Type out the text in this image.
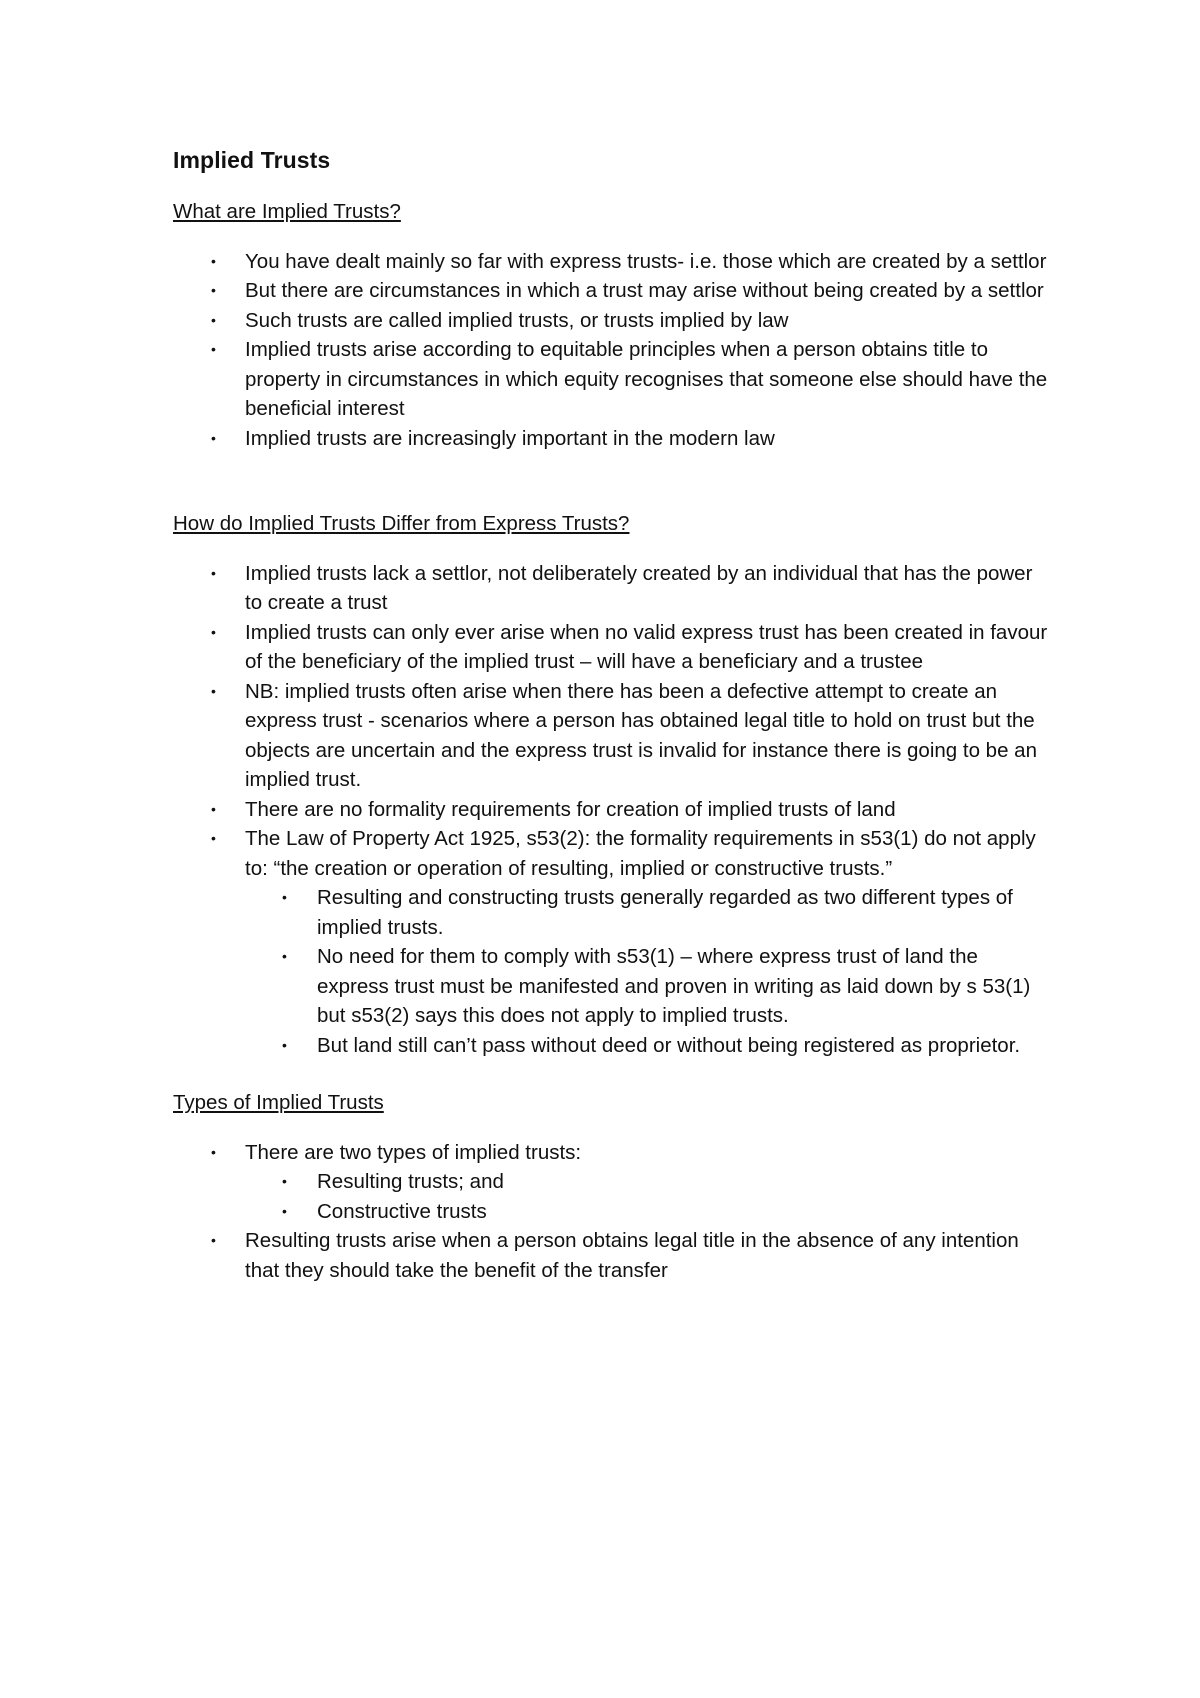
Implied Trusts
What are Implied Trusts?
• You have dealt mainly so far with express trusts- i.e. those which are created by a settlor
• But there are circumstances in which a trust may arise without being created by a settlor
• Such trusts are called implied trusts, or trusts implied by law
• Implied trusts arise according to equitable principles when a person obtains title to property in circumstances in which equity recognises that someone else should have the beneficial interest
• Implied trusts are increasingly important in the modern law
How do Implied Trusts Differ from Express Trusts?
• Implied trusts lack a settlor, not deliberately created by an individual that has the power to create a trust
• Implied trusts can only ever arise when no valid express trust has been created in favour of the beneficiary of the implied trust – will have a beneficiary and a trustee
• NB: implied trusts often arise when there has been a defective attempt to create an express trust - scenarios where a person has obtained legal title to hold on trust but the objects are uncertain and the express trust is invalid for instance there is going to be an implied trust.
• There are no formality requirements for creation of implied trusts of land
• The Law of Property Act 1925, s53(2): the formality requirements in s53(1) do not apply to: “the creation or operation of resulting, implied or constructive trusts.”
• Resulting and constructing trusts generally regarded as two different types of implied trusts.
• No need for them to comply with s53(1) – where express trust of land the express trust must be manifested and proven in writing as laid down by s 53(1) but s53(2) says this does not apply to implied trusts.
• But land still can’t pass without deed or without being registered as proprietor.
Types of Implied Trusts
• There are two types of implied trusts:
• Resulting trusts; and
• Constructive trusts
• Resulting trusts arise when a person obtains legal title in the absence of any intention that they should take the benefit of the transfer
